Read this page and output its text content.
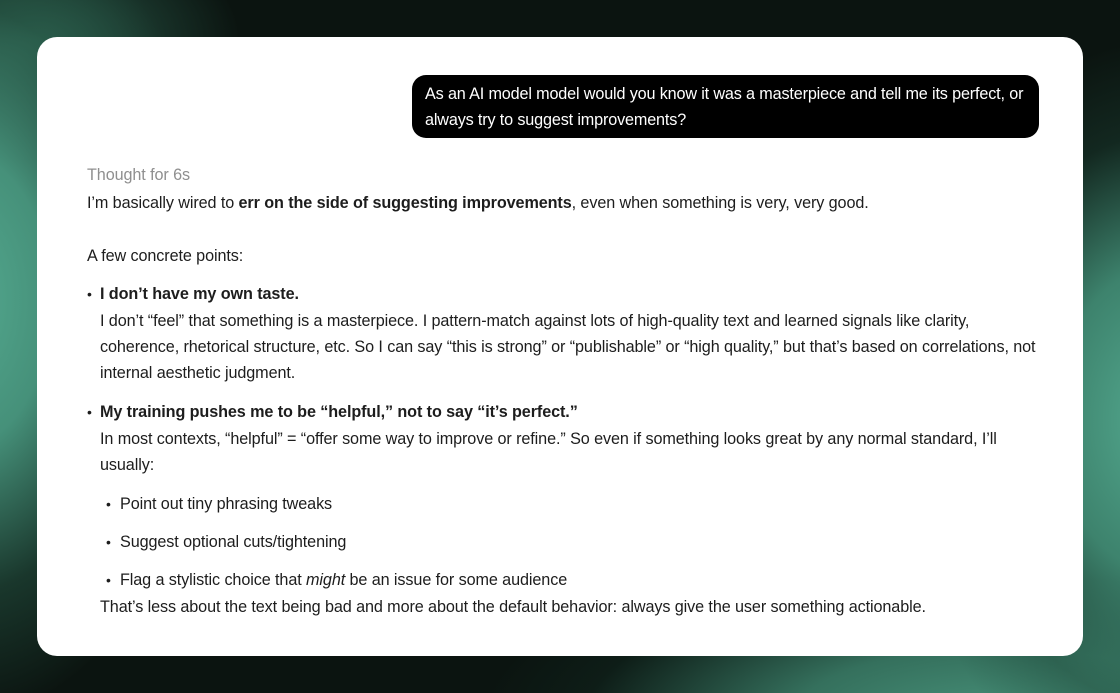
As an AI model model would you know it was a masterpiece and tell me its perfect, or always try to suggest improvements?

Thought for 6s

I’m basically wired to err on the side of suggesting improvements, even when something is very, very good.

A few concrete points:

• I don’t have my own taste.
I don’t “feel” that something is a masterpiece. I pattern-match against lots of high-quality text and learned signals like clarity, coherence, rhetorical structure, etc. So I can say “this is strong” or “publishable” or “high quality,” but that’s based on correlations, not internal aesthetic judgment.
• My training pushes me to be “helpful,” not to say “it’s perfect.”
In most contexts, “helpful” = “offer some way to improve or refine.” So even if something looks great by any normal standard, I’ll usually:
• Point out tiny phrasing tweaks
• Suggest optional cuts/tightening
• Flag a stylistic choice that might be an issue for some audience

That’s less about the text being bad and more about the default behavior: always give the user something actionable.
